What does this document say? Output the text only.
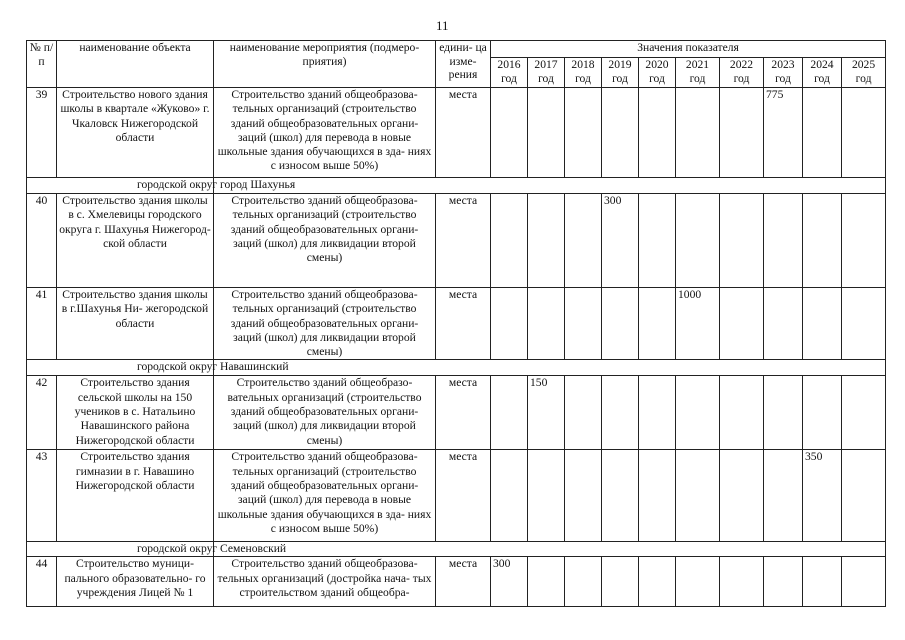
11
№ п/п	наименование объекта	наименование мероприятия (подмеро- приятия)	едини- ца изме- рения	Значения показателя									
				2016 год	2017 год	2018 год	2019 год	2020 год	2021 год	2022 год	2023 год	2024 год	2025 год
39	Строительство нового здания школы в квартале «Жуково» г. Чкаловск Нижегородской области	Строительство зданий общеобразова- тельных организаций (строительство зданий общеобразовательных органи- заций (школ) для перевода в новые школьные здания обучающихся в зда- ниях с износом выше 50%)	места								775		
городской округ город Шахунья													
40	Строительство здания школы в с. Хмелевицы городского округа г. Шахунья Нижегород- ской области	Строительство зданий общеобразова- тельных организаций (строительство зданий общеобразовательных органи- заций (школ) для ликвидации второй смены)	места				300						
41	Строительство здания школы в г.Шахунья Ни- жегородской области	Строительство зданий общеобразова- тельных организаций (строительство зданий общеобразовательных органи- заций (школ) для ликвидации второй смены)	места						1000				
городской округ Навашинский													
42	Строительство здания сельской школы на 150 учеников в с. Натальино Навашинского района Нижегородской области	Строительство зданий общеобразо- вательных организаций (строительство зданий общеобразовательных органи- заций (школ) для ликвидации второй смены)	места		150								
43	Строительство здания гимназии в г. Навашино Нижегородской области	Строительство зданий общеобразова- тельных организаций (строительство зданий общеобразовательных органи- заций (школ) для перевода в новые школьные здания обучающихся в зда- ниях с износом выше 50%)	места									350	
городской округ Семеновский													
44	Строительство муници- пального образовательно- го учреждения Лицей № 1	Строительство зданий общеобразова- тельных организаций (достройка нача- тых строительством зданий общеобра-	места	300									
